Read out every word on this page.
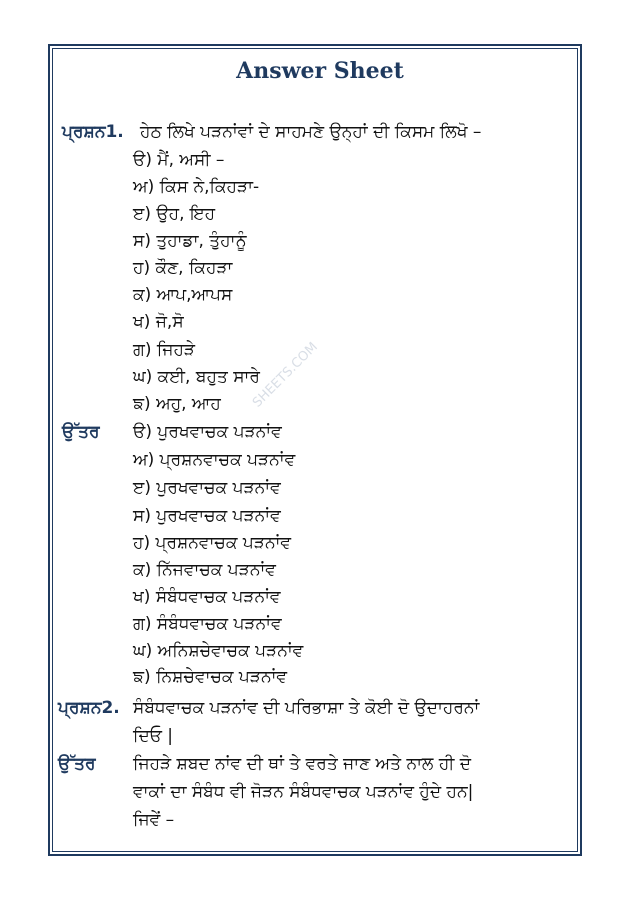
Answer Sheet
SHEETS.COM
ਪ੍ਰਸ਼ਨ1. ਹੇਠ ਲਿਖੇ ਪੜਨਾਂਵਾਂ ਦੇ ਸਾਹਮਣੇ ਉਨ੍ਹਾਂ ਦੀ ਕਿਸਮ ਲਿਖੋ –
ੳ) ਮੈਂ, ਅਸੀ –
ਅ) ਕਿਸ ਨੇ,ਕਿਹੜਾ-
ੲ) ਉਹ, ਇਹ
ਸ) ਤੁਹਾਡਾ, ਤੁੰਹਾਨੂੰ
ਹ) ਕੌਣ, ਕਿਹੜਾ
ਕ) ਆਪ,ਆਪਸ
ਖ) ਜੋ,ਸੋ
ਗ) ਜਿਹੜੇ
ਘ) ਕਈ, ਬਹੁਤ ਸਾਰੇ
ਙ) ਅਹੁ, ਆਹ
ਉੱਤਰ ੳ) ਪੁਰਖਵਾਚਕ ਪੜਨਾਂਵ
ਅ) ਪ੍ਰਸ਼ਨਵਾਚਕ ਪੜਨਾਂਵ
ੲ) ਪੁਰਖਵਾਚਕ ਪੜਨਾਂਵ
ਸ) ਪੁਰਖਵਾਚਕ ਪੜਨਾਂਵ
ਹ) ਪ੍ਰਸ਼ਨਵਾਚਕ ਪੜਨਾਂਵ
ਕ) ਨਿੱਜਵਾਚਕ ਪੜਨਾਂਵ
ਖ) ਸੰਬੰਧਵਾਚਕ ਪੜਨਾਂਵ
ਗ) ਸੰਬੰਧਵਾਚਕ ਪੜਨਾਂਵ
ਘ) ਅਨਿਸ਼ਚੇਵਾਚਕ ਪੜਨਾਂਵ
ਙ) ਨਿਸ਼ਚੇਵਾਚਕ ਪੜਨਾਂਵ
ਪ੍ਰਸ਼ਨ2. ਸੰਬੰਧਵਾਚਕ ਪੜਨਾਂਵ ਦੀ ਪਰਿਭਾਸ਼ਾ ਤੇ ਕੋਈ ਦੋ ਉਦਾਹਰਨਾਂ
ਦਿਓ |
ਉੱਤਰ ਜਿਹੜੇ ਸ਼ਬਦ ਨਾਂਵ ਦੀ ਥਾਂ ਤੇ ਵਰਤੇ ਜਾਣ ਅਤੇ ਨਾਲ ਹੀ ਦੋ
ਵਾਕਾਂ ਦਾ ਸੰਬੰਧ ਵੀ ਜੋੜਨ ਸੰਬੰਧਵਾਚਕ ਪੜਨਾਂਵ ਹੁੰਦੇ ਹਨ|
ਜਿਵੇਂ –
